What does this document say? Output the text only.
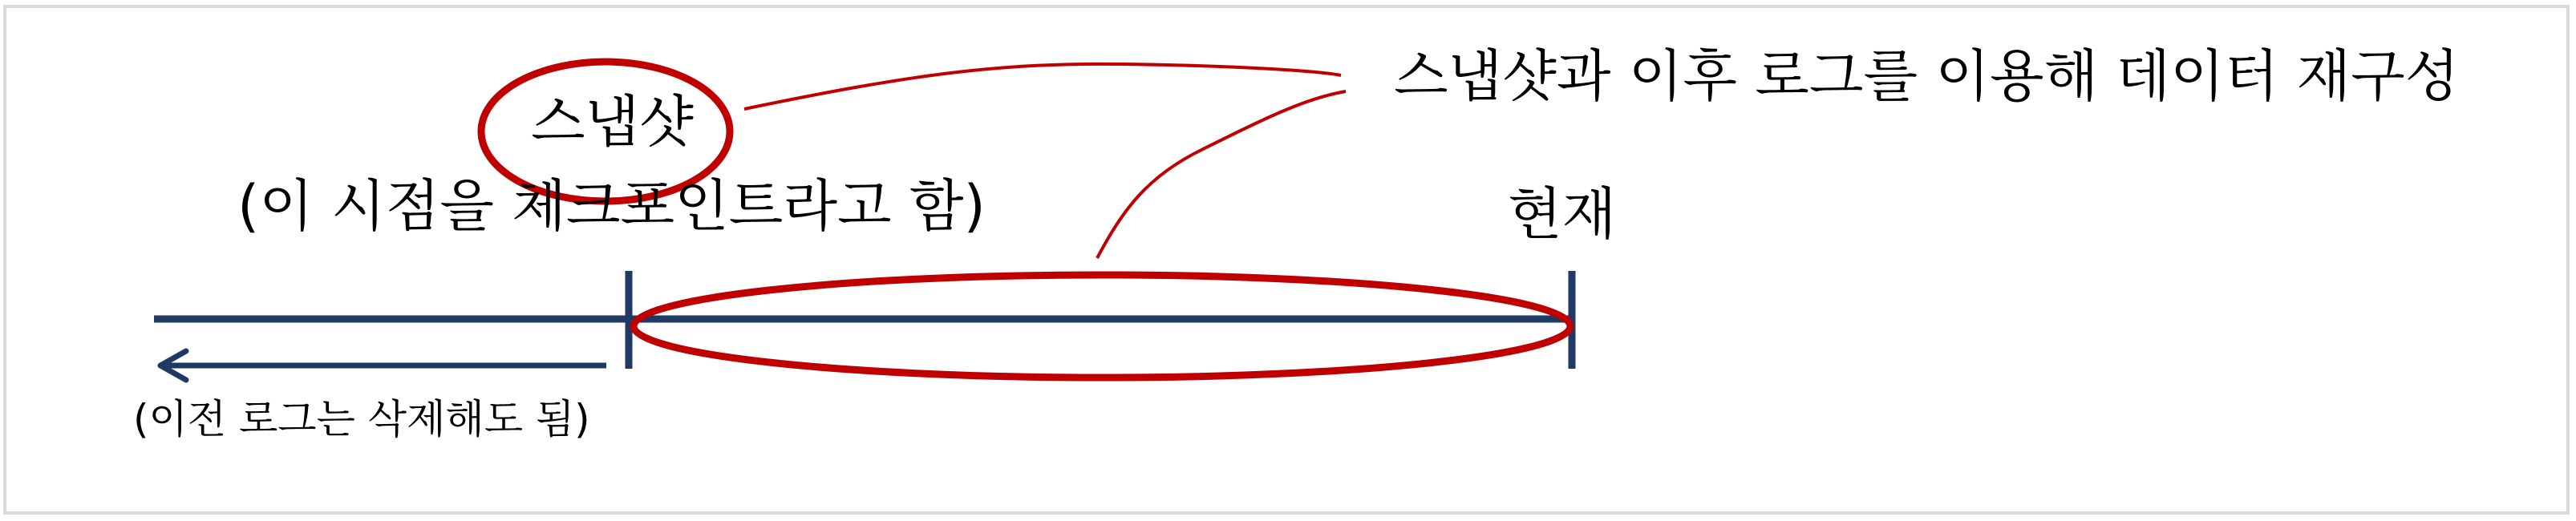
스냅샷
(이 시점을 체크포인트라고 함)	현재
스냅샷과 이후 로그를 이용해 데이터 재구성
(이전 로그는 삭제해도 됨)
